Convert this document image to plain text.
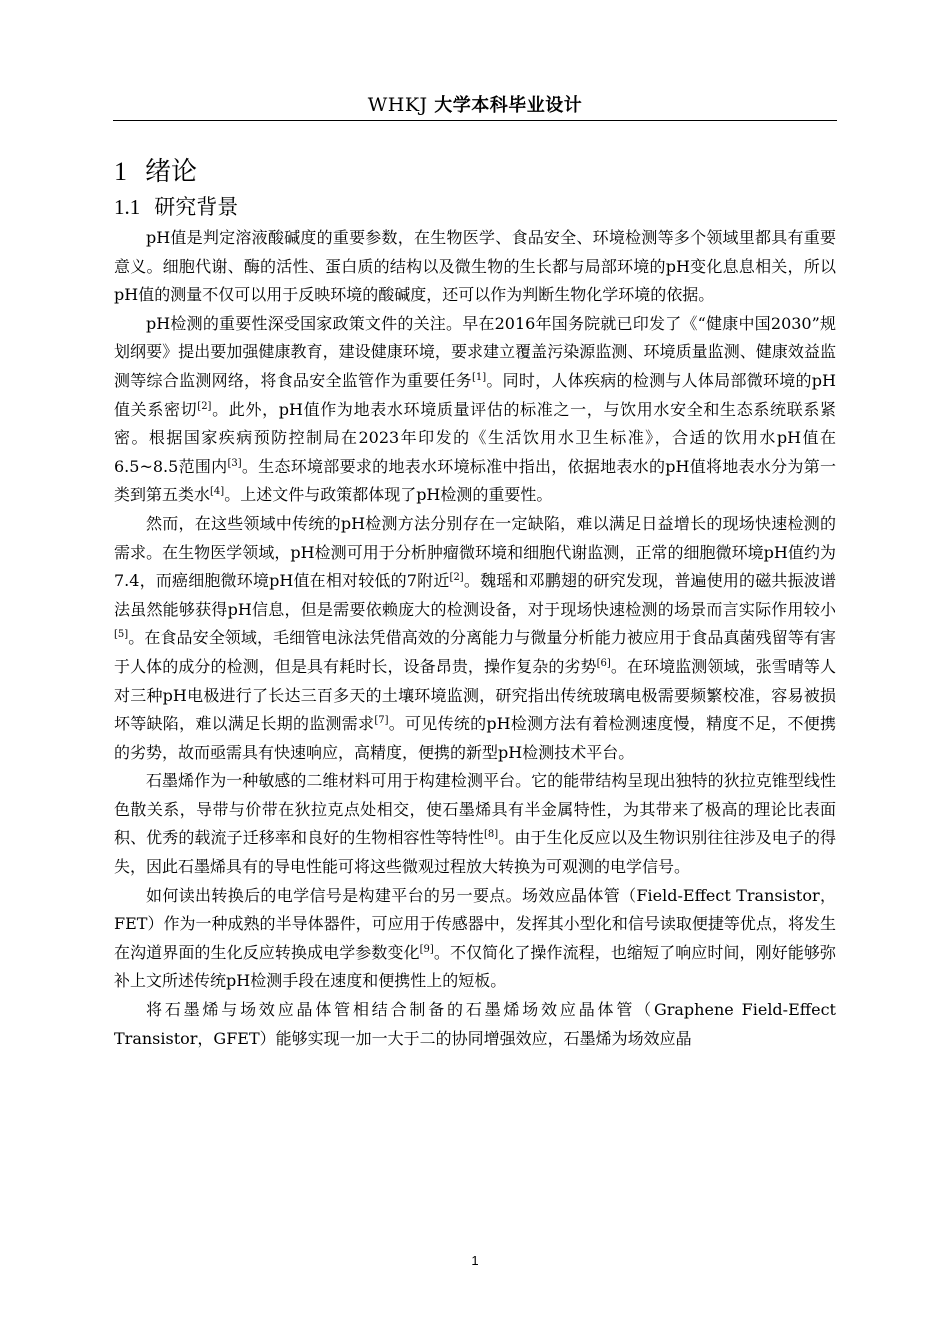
WHKJ 大学本科毕业设计
1 绪论
1.1 研究背景

pH值是判定溶液酸碱度的重要参数，在生物医学、食品安全、环境检测等多个领域里都具有重要意义。细胞代谢、酶的活性、蛋白质的结构以及微生物的生长都与局部环境的pH变化息息相关，所以pH值的测量不仅可以用于反映环境的酸碱度，还可以作为判断生物化学环境的依据。

pH检测的重要性深受国家政策文件的关注。早在2016年国务院就已印发了《“健康中国2030”规划纲要》提出要加强健康教育，建设健康环境，要求建立覆盖污染源监测、环境质量监测、健康效益监测等综合监测网络，将食品安全监管作为重要任务[1]。同时，人体疾病的检测与人体局部微环境的pH值关系密切[2]。此外，pH值作为地表水环境质量评估的标准之一，与饮用水安全和生态系统联系紧密。根据国家疾病预防控制局在2023年印发的《生活饮用水卫生标准》，合适的饮用水pH值在6.5~8.5范围内[3]。生态环境部要求的地表水环境标准中指出，依据地表水的pH值将地表水分为第一类到第五类水[4]。上述文件与政策都体现了pH检测的重要性。

然而，在这些领域中传统的pH检测方法分别存在一定缺陷，难以满足日益增长的现场快速检测的需求。在生物医学领域，pH检测可用于分析肿瘤微环境和细胞代谢监测，正常的细胞微环境pH值约为7.4，而癌细胞微环境pH值在相对较低的7附近[2]。魏瑶和邓鹏翅的研究发现，普遍使用的磁共振波谱法虽然能够获得pH信息，但是需要依赖庞大的检测设备，对于现场快速检测的场景而言实际作用较小[5]。在食品安全领域，毛细管电泳法凭借高效的分离能力与微量分析能力被应用于食品真菌残留等有害于人体的成分的检测，但是具有耗时长，设备昂贵，操作复杂的劣势[6]。在环境监测领域，张雪晴等人对三种pH电极进行了长达三百多天的土壤环境监测，研究指出传统玻璃电极需要频繁校准，容易被损坏等缺陷，难以满足长期的监测需求[7]。可见传统的pH检测方法有着检测速度慢，精度不足，不便携的劣势，故而亟需具有快速响应，高精度，便携的新型pH检测技术平台。

石墨烯作为一种敏感的二维材料可用于构建检测平台。它的能带结构呈现出独特的狄拉克锥型线性色散关系，导带与价带在狄拉克点处相交，使石墨烯具有半金属特性，为其带来了极高的理论比表面积、优秀的载流子迁移率和良好的生物相容性等特性[8]。由于生化反应以及生物识别往往涉及电子的得失，因此石墨烯具有的导电性能可将这些微观过程放大转换为可观测的电学信号。

如何读出转换后的电学信号是构建平台的另一要点。场效应晶体管（Field-Effect Transistor，FET）作为一种成熟的半导体器件，可应用于传感器中，发挥其小型化和信号读取便捷等优点，将发生在沟道界面的生化反应转换成电学参数变化[9]。不仅简化了操作流程，也缩短了响应时间，刚好能够弥补上文所述传统pH检测手段在速度和便携性上的短板。

将石墨烯与场效应晶体管相结合制备的石墨烯场效应晶体管（Graphene Field-Effect Transistor，GFET）能够实现一加一大于二的协同增强效应，石墨烯为场效应晶

1
